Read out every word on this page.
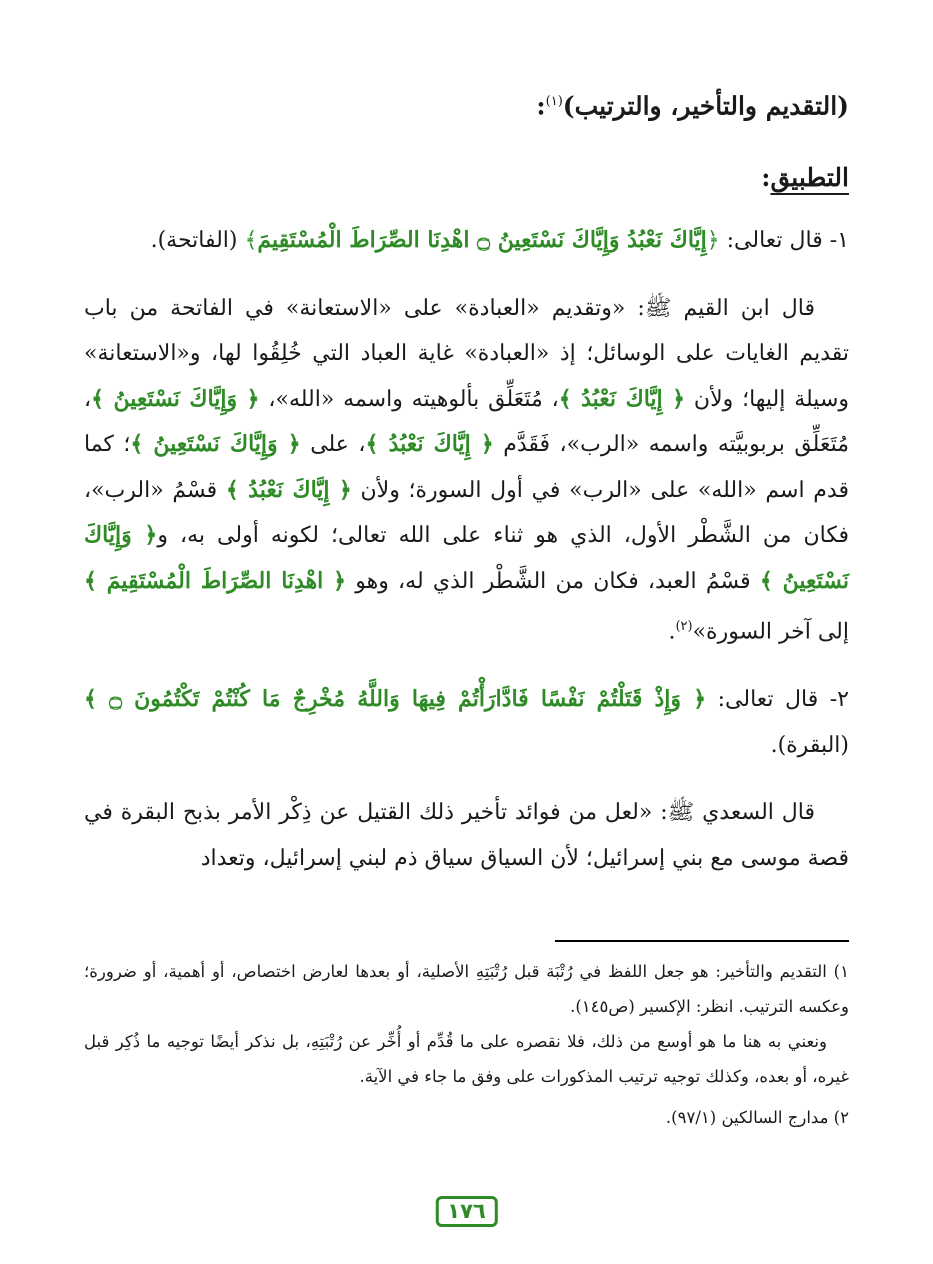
(التقديم والتأخير، والترتيب)$^{(١)}$:

التطبيق:

١- قال تعالى: ﴿إِيَّاكَ نَعْبُدُ وَإِيَّاكَ نَسْتَعِينُ ۝ اهْدِنَا الصِّرَاطَ الْمُسْتَقِيمَ﴾ (الفاتحة).

قال ابن القيم ﷺ: «وتقديم «العبادة» على «الاستعانة» في الفاتحة من باب تقديم الغايات على الوسائل؛ إذ «العبادة» غاية العباد التي خُلِقُوا لها، و«الاستعانة» وسيلة إليها؛ ولأن ﴿ إِيَّاكَ نَعْبُدُ ﴾، مُتَعَلِّق بألوهيته واسمه «الله»، ﴿ وَإِيَّاكَ نَسْتَعِينُ ﴾، مُتَعَلِّق بربوبيَّته واسمه «الرب»، فَقَدَّم ﴿ إِيَّاكَ نَعْبُدُ ﴾، على ﴿ وَإِيَّاكَ نَسْتَعِينُ ﴾؛ كما قدم اسم «الله» على «الرب» في أول السورة؛ ولأن ﴿ إِيَّاكَ نَعْبُدُ ﴾ قسْمُ «الرب»، فكان من الشَّطْر الأول، الذي هو ثناء على الله تعالى؛ لكونه أولى به، و﴿ وَإِيَّاكَ نَسْتَعِينُ ﴾ قسْمُ العبد، فكان من الشَّطْر الذي له، وهو ﴿ اهْدِنَا الصِّرَاطَ الْمُسْتَقِيمَ ﴾ إلى آخر السورة»$^{(٢)}$.

٢- قال تعالى: ﴿ وَإِذْ قَتَلْتُمْ نَفْسًا فَادَّارَأْتُمْ فِيهَا وَاللَّهُ مُخْرِجٌ مَا كُنْتُمْ تَكْتُمُونَ ۝ ﴾ (البقرة).

قال السعدي ﷺ: «لعل من فوائد تأخير ذلك القتيل عن ذِكْر الأمر بذبح البقرة في قصة موسى مع بني إسرائيل؛ لأن السياق سياق ذم لبني إسرائيل، وتعداد

١) التقديم والتأخير: هو جعل اللفظ في رُتْبَة قبل رُتْبَتِهِ الأصلية، أو بعدها لعارض اختصاص، أو أهمية، أو ضرورة؛ وعكسه الترتيب. انظر: الإكسير (ص١٤٥).

ونعني به هنا ما هو أوسع من ذلك، فلا نقصره على ما قُدِّم أو أُخِّر عن رُتْبَتِهِ، بل نذكر أيضًا توجيه ما ذُكِر قبل غيره، أو بعده، وكذلك توجيه ترتيب المذكورات على وفق ما جاء في الآية.

٢) مدارج السالكين (٩٧/١).

١٧٦
